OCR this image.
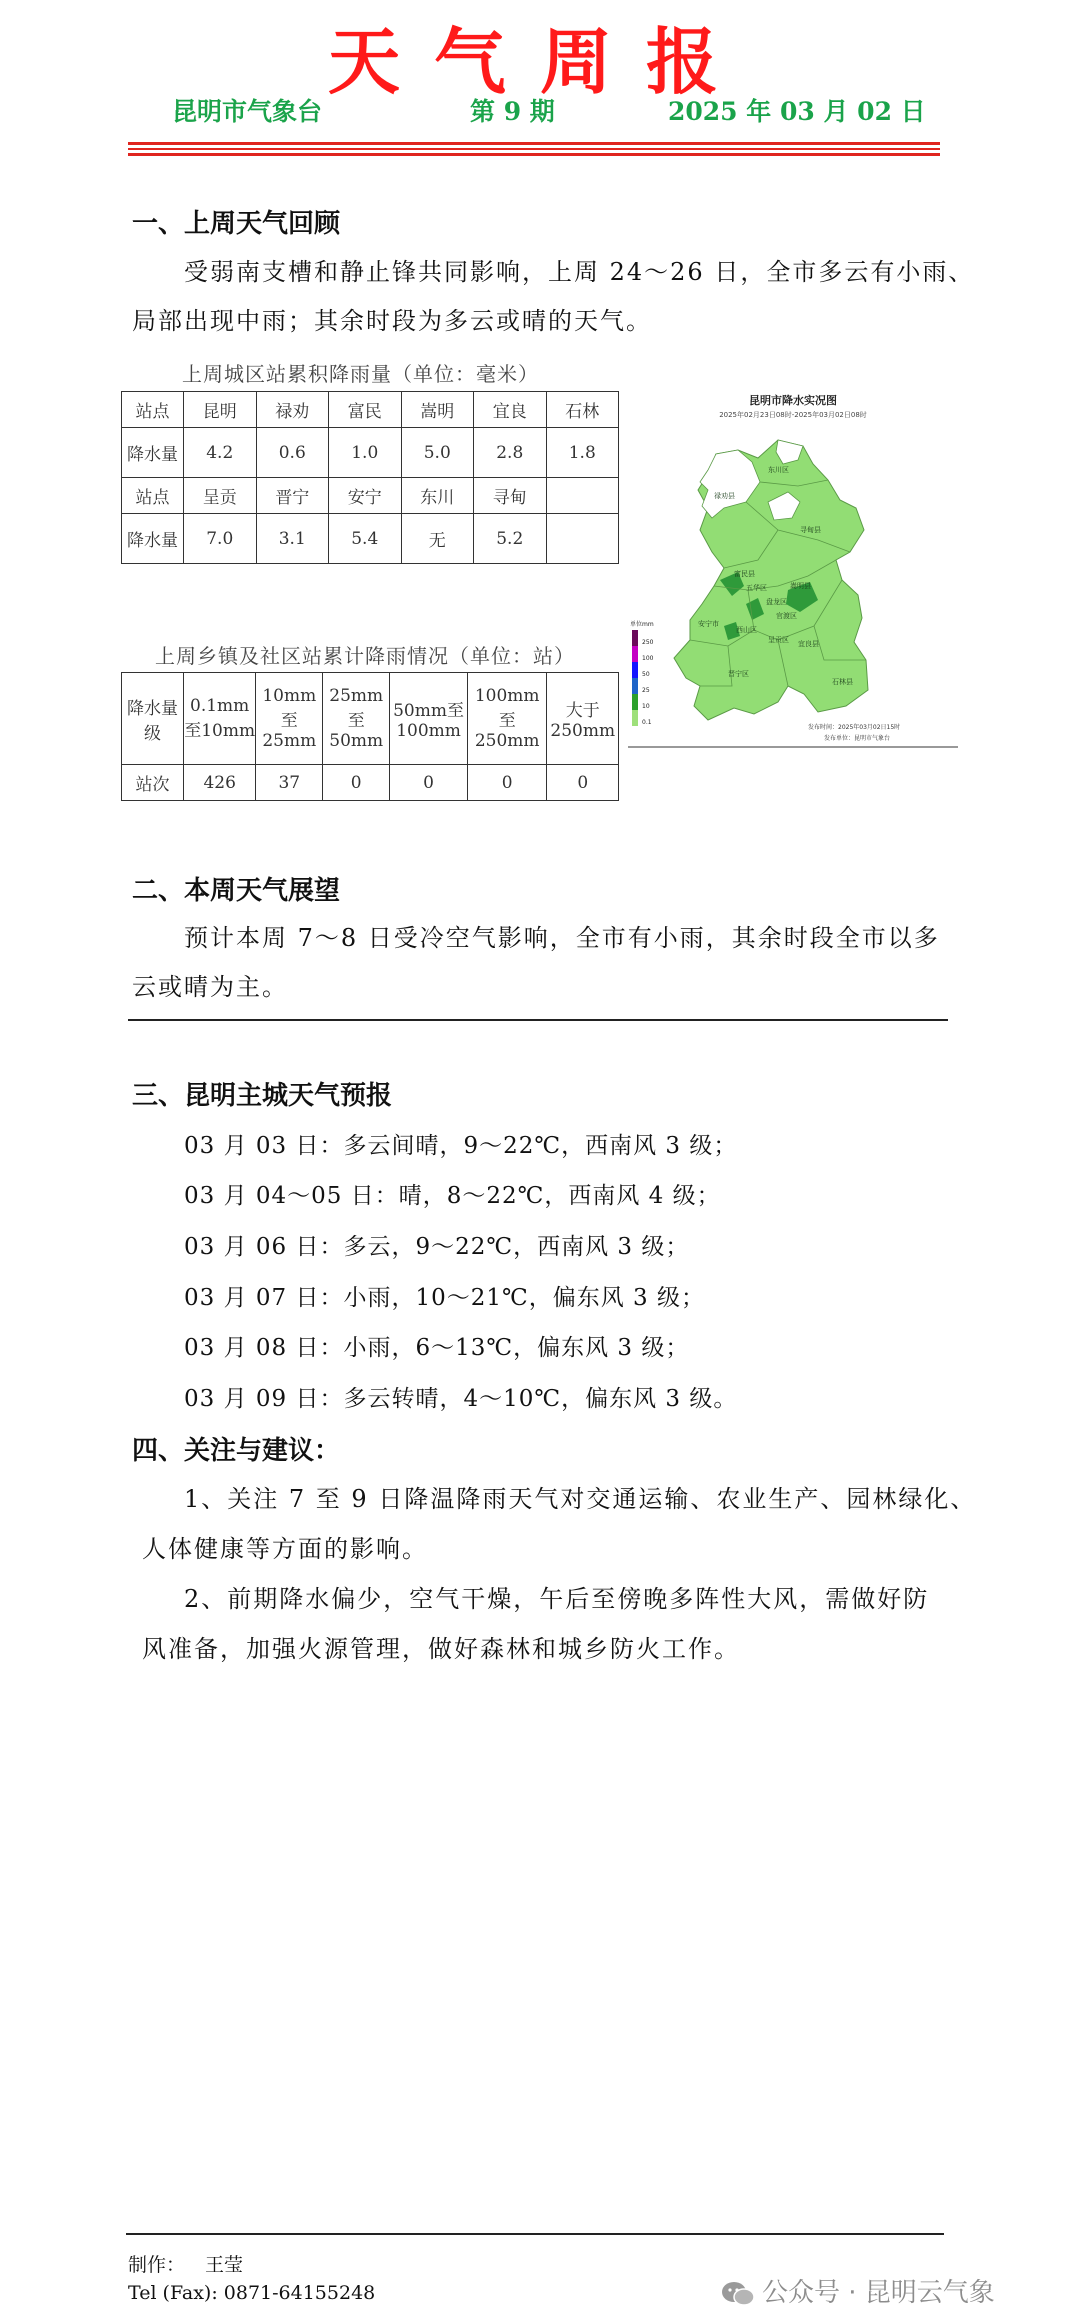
天气周报
昆明市气象台	第 9 期	2025 年 03 月 02 日
一、上周天气回顾
受弱南支槽和静止锋共同影响，上周 24～26 日，全市多云有小雨、
局部出现中雨；其余时段为多云或晴的天气。
上周城区站累积降雨量（单位：毫米）
站点	昆明	禄劝	富民	嵩明	宜良	石林
降水量	4.2	0.6	1.0	5.0	2.8	1.8
站点	呈贡	晋宁	安宁	东川	寻甸	
降水量	7.0	3.1	5.4	无	5.2	
上周乡镇及社区站累计降雨情况（单位：站）
降水量级	0.1mm至10mm	10mm至25mm	25mm至50mm	50mm至100mm	100mm至250mm	大于250mm
站次	426	37	0	0	0	0
昆明市降水实况图
2025年02月23日08时-2025年03月02日08时
东川区
禄劝县
寻甸县
富民县
嵩明县
五华区
盘龙区
官渡区
安宁市
西山区
呈贡区
晋宁区
宜良县
石林县
单位mm
250
100
50
25
10
0.1
发布时间：2025年03月02日15时
发布单位：昆明市气象台
二、本周天气展望
预计本周 7～8 日受冷空气影响，全市有小雨，其余时段全市以多
云或晴为主。
三、昆明主城天气预报
03 月 03 日：多云间晴，9～22℃，西南风 3 级；
03 月 04～05 日：晴，8～22℃，西南风 4 级；
03 月 06 日：多云，9～22℃，西南风 3 级；
03 月 07 日：小雨，10～21℃，偏东风 3 级；
03 月 08 日：小雨，6～13℃，偏东风 3 级；
03 月 09 日：多云转晴，4～10℃，偏东风 3 级。
四、关注与建议：
1、关注 7 至 9 日降温降雨天气对交通运输、农业生产、园林绿化、
人体健康等方面的影响。
2、前期降水偏少，空气干燥，午后至傍晚多阵性大风，需做好防
风准备，加强火源管理，做好森林和城乡防火工作。
制作： 王莹
Tel (Fax): 0871-64155248	公众号 · 昆明云气象
